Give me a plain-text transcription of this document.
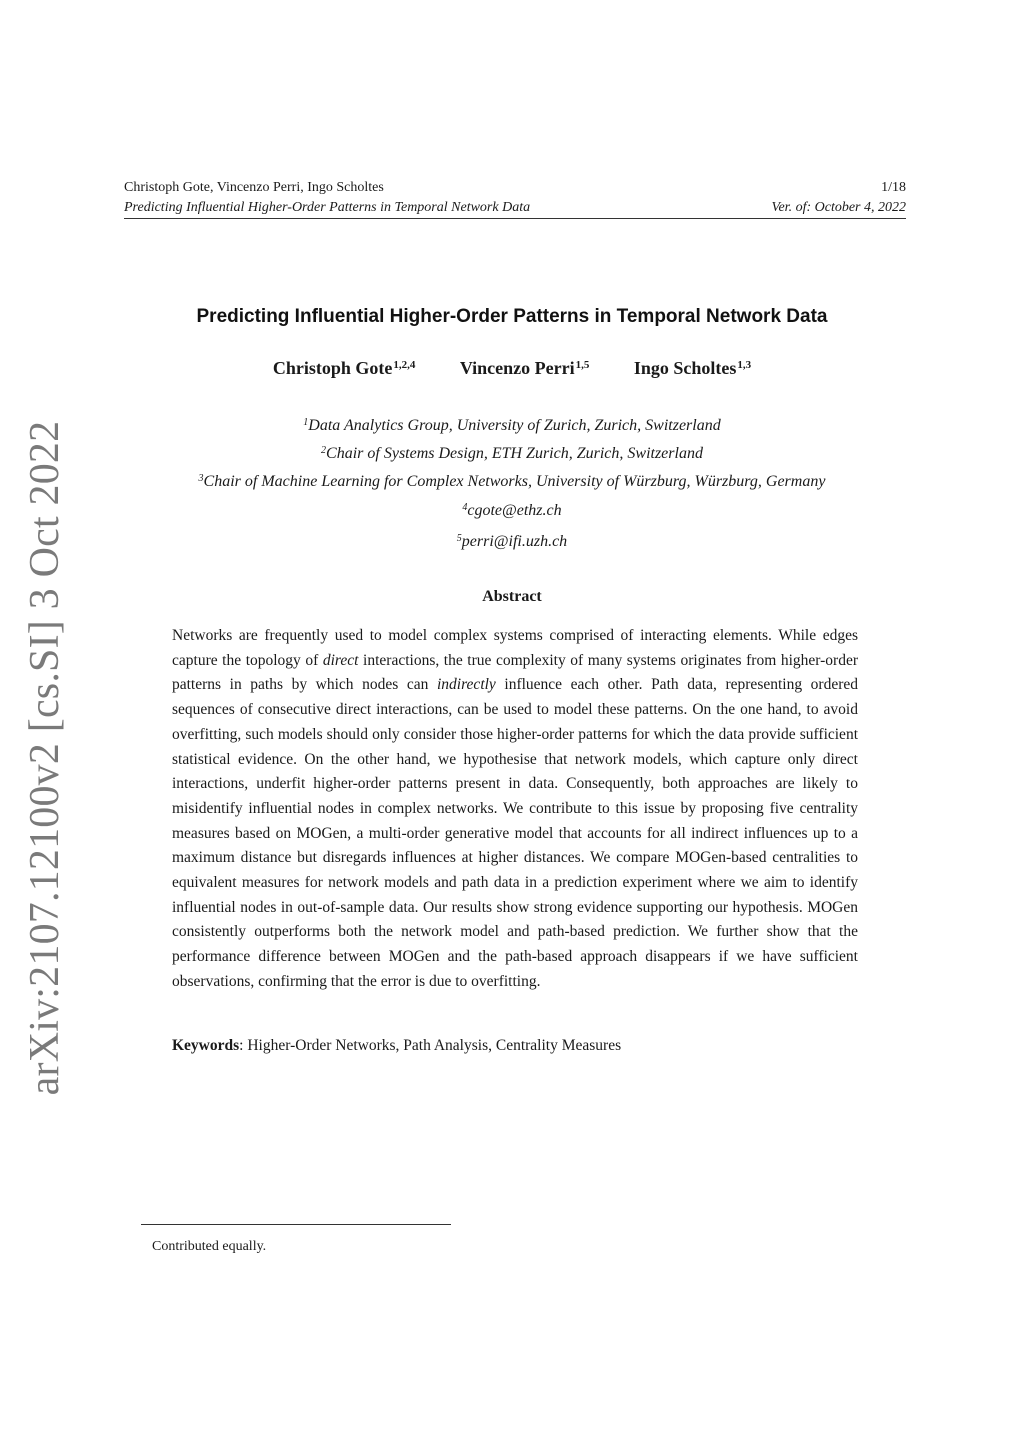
Christoph Gote, Vincenzo Perri, Ingo Scholtes	1/18
Predicting Influential Higher-Order Patterns in Temporal Network Data	Ver. of: October 4, 2022
arXiv:2107.12100v2 [cs.SI] 3 Oct 2022
Predicting Influential Higher-Order Patterns in Temporal Network Data
Christoph Gote$^{1,2,4}$ Vincenzo Perri$^{1,5}$ Ingo Scholtes$^{1,3}$
$^1$Data Analytics Group, University of Zurich, Zurich, Switzerland
$^2$Chair of Systems Design, ETH Zurich, Zurich, Switzerland
$^3$Chair of Machine Learning for Complex Networks, University of Würzburg, Würzburg, Germany
$^4$cgote@ethz.ch
$^5$perri@ifi.uzh.ch
Abstract
Networks are frequently used to model complex systems comprised of interacting elements. While edges capture the topology of direct interactions, the true complexity of many systems originates from higher-order patterns in paths by which nodes can indirectly influence each other. Path data, representing ordered sequences of consecutive direct interactions, can be used to model these patterns. On the one hand, to avoid overfitting, such models should only consider those higher-order patterns for which the data provide sufficient statistical evidence. On the other hand, we hypothesise that network models, which capture only direct interactions, underfit higher-order patterns present in data. Consequently, both approaches are likely to misidentify influential nodes in complex networks. We contribute to this issue by proposing five centrality measures based on MOGen, a multi-order generative model that accounts for all indirect influences up to a maximum distance but disregards influences at higher distances. We compare MOGen-based centralities to equivalent measures for network models and path data in a prediction experiment where we aim to identify influential nodes in out-of-sample data. Our results show strong evidence supporting our hypothesis. MOGen consistently outperforms both the network model and path-based prediction. We further show that the performance difference between MOGen and the path-based approach disappears if we have sufficient observations, confirming that the error is due to overfitting.
Keywords: Higher-Order Networks, Path Analysis, Centrality Measures
Contributed equally.
